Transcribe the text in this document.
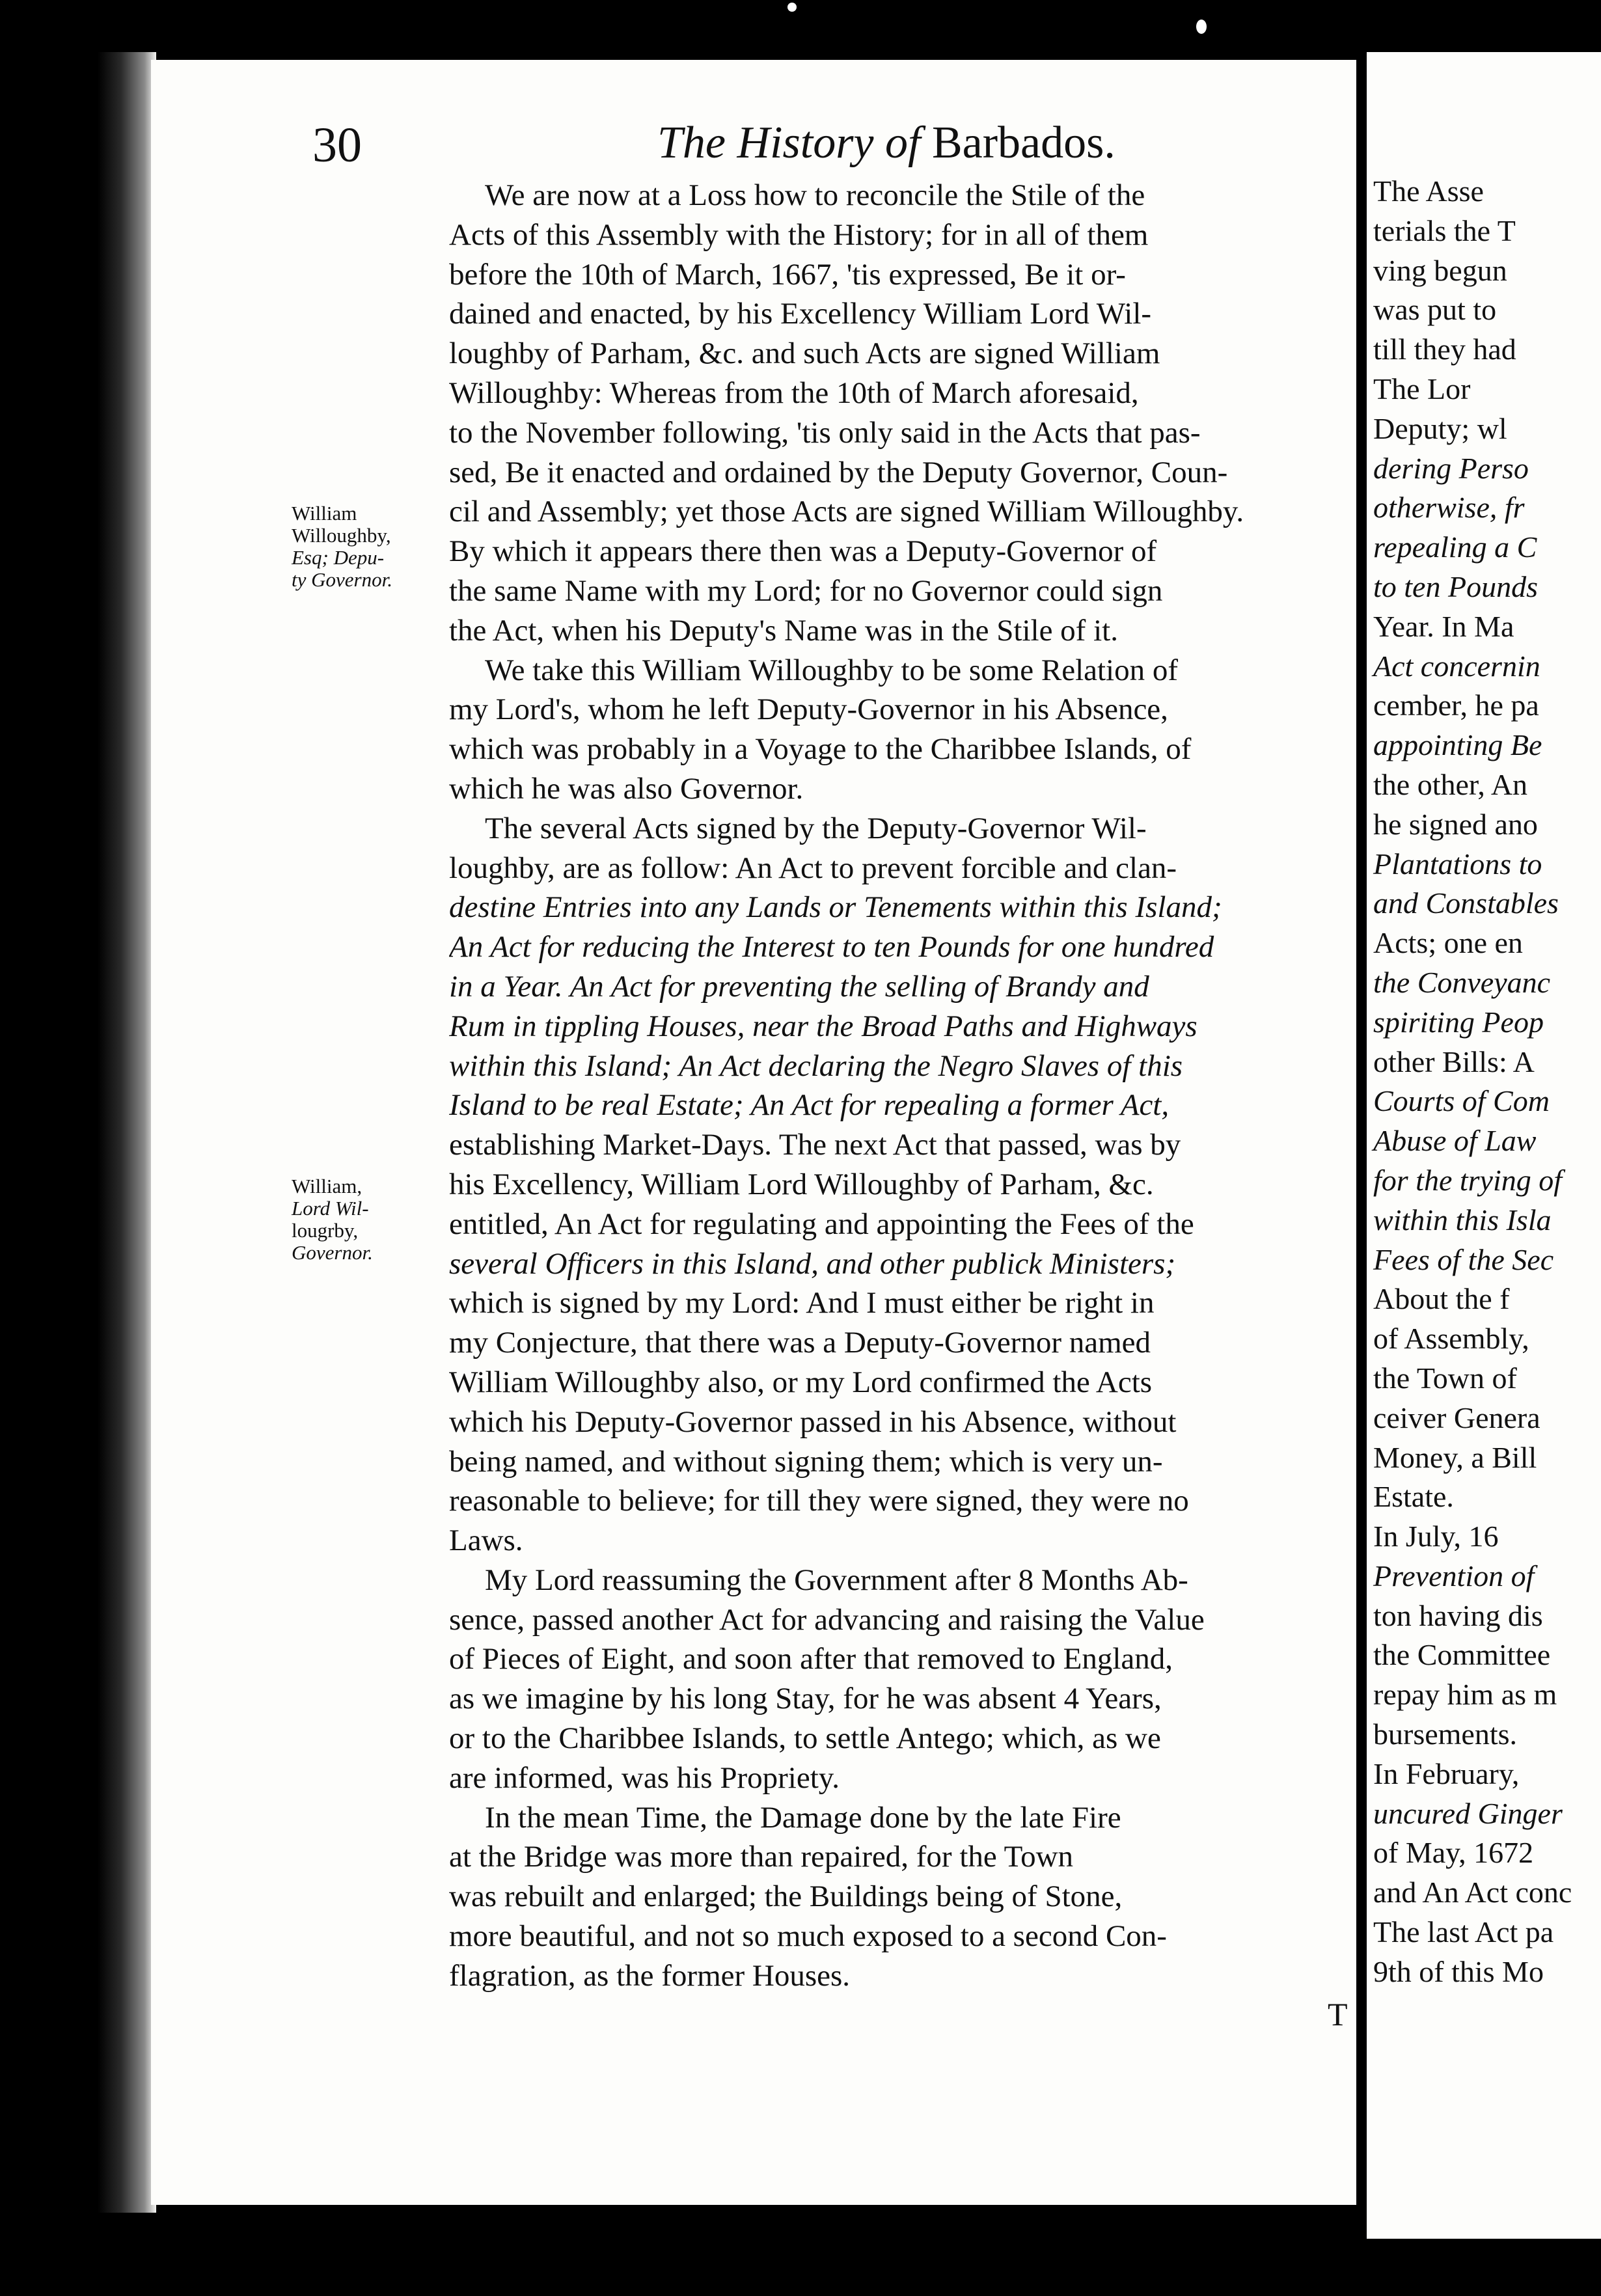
30	The History of Barbados.
William
Willoughby,
Esq; Depu-
ty Governor.
William,
Lord Wil-
lougrby,
Governor.
We are now at a Loss how to reconcile the Stile of the
Acts of this Assembly with the History; for in all of them
before the 10th of March, 1667, 'tis expressed, Be it or-
dained and enacted, by his Excellency William Lord Wil-
loughby of Parham, &c. and such Acts are signed William
Willoughby: Whereas from the 10th of March aforesaid,
to the November following, 'tis only said in the Acts that pas-
sed, Be it enacted and ordained by the Deputy Governor, Coun-
cil and Assembly; yet those Acts are signed William Willoughby.
By which it appears there then was a Deputy-Governor of
the same Name with my Lord; for no Governor could sign
the Act, when his Deputy's Name was in the Stile of it.
We take this William Willoughby to be some Relation of
my Lord's, whom he left Deputy-Governor in his Absence,
which was probably in a Voyage to the Charibbee Islands, of
which he was also Governor.
The several Acts signed by the Deputy-Governor Wil-
loughby, are as follow: An Act to prevent forcible and clan-
destine Entries into any Lands or Tenements within this Island;
An Act for reducing the Interest to ten Pounds for one hundred
in a Year. An Act for preventing the selling of Brandy and
Rum in tippling Houses, near the Broad Paths and Highways
within this Island; An Act declaring the Negro Slaves of this
Island to be real Estate; An Act for repealing a former Act,
establishing Market-Days. The next Act that passed, was by
his Excellency, William Lord Willoughby of Parham, &c.
entitled, An Act for regulating and appointing the Fees of the
several Officers in this Island, and other publick Ministers;
which is signed by my Lord: And I must either be right in
my Conjecture, that there was a Deputy-Governor named
William Willoughby also, or my Lord confirmed the Acts
which his Deputy-Governor passed in his Absence, without
being named, and without signing them; which is very un-
reasonable to believe; for till they were signed, they were no
Laws.
My Lord reassuming the Government after 8 Months Ab-
sence, passed another Act for advancing and raising the Value
of Pieces of Eight, and soon after that removed to England,
as we imagine by his long Stay, for he was absent 4 Years,
or to the Charibbee Islands, to settle Antego; which, as we
are informed, was his Propriety.
In the mean Time, the Damage done by the late Fire
at the Bridge was more than repaired, for the Town
was rebuilt and enlarged; the Buildings being of Stone,
more beautiful, and not so much exposed to a second Con-
flagration, as the former Houses.
T
The Asse
terials the T
ving begun
was put to
till they had
The Lor
Deputy; wl
dering Perso
otherwise, fr
repealing a C
to ten Pounds
Year. In Ma
Act concernin
cember, he pa
appointing Be
the other, An
he signed ano
Plantations to
and Constables
Acts; one en
the Conveyanc
spiriting Peop
other Bills: A
Courts of Com
Abuse of Law
for the trying of
within this Isla
Fees of the Sec
About the f
of Assembly,
the Town of
ceiver Genera
Money, a Bill
Estate.
In July, 16
Prevention of
ton having dis
the Committee
repay him as m
bursements.
In February,
uncured Ginger
of May, 1672
and An Act conc
The last Act pa
9th of this Mo
